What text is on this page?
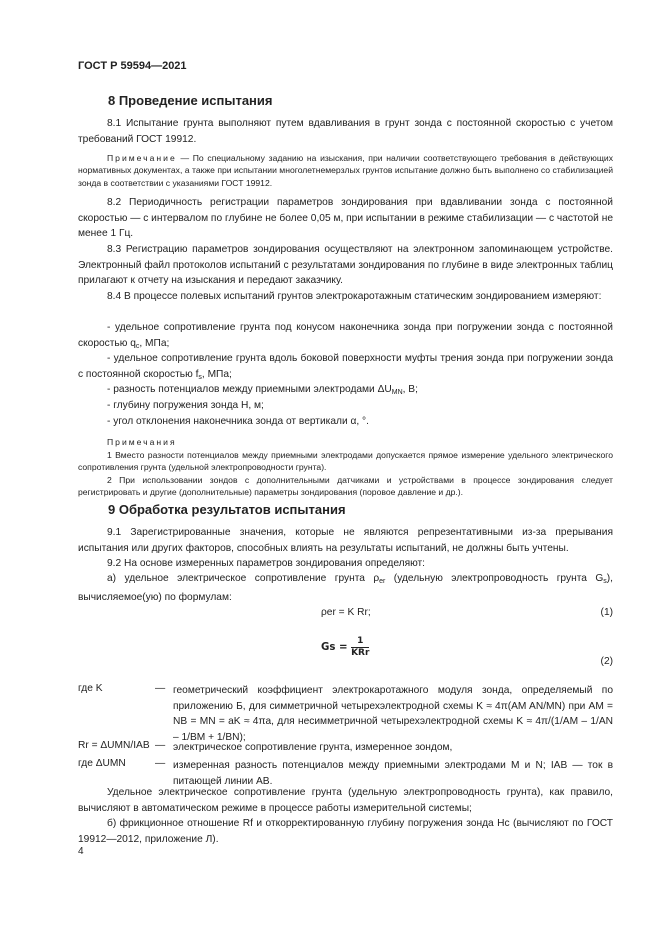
ГОСТ Р 59594—2021
8 Проведение испытания
8.1 Испытание грунта выполняют путем вдавливания в грунт зонда с постоянной скоростью с учетом требований ГОСТ 19912.
Примечание — По специальному заданию на изыскания, при наличии соответствующего требования в действующих нормативных документах, а также при испытании многолетнемерзлых грунтов испытание должно быть выполнено со стабилизацией зонда в соответствии с указаниями ГОСТ 19912.
8.2 Периодичность регистрации параметров зондирования при вдавливании зонда с постоянной скоростью — с интервалом по глубине не более 0,05 м, при испытании в режиме стабилизации — с частотой не менее 1 Гц.
8.3 Регистрацию параметров зондирования осуществляют на электронном запоминающем устройстве. Электронный файл протоколов испытаний с результатами зондирования по глубине в виде электронных таблиц прилагают к отчету на изыскания и передают заказчику.
8.4 В процессе полевых испытаний грунтов электрокаротажным статическим зондированием измеряют:
- удельное сопротивление грунта под конусом наконечника зонда при погружении зонда с постоянной скоростью $q_c$, МПа;
- удельное сопротивление грунта вдоль боковой поверхности муфты трения зонда при погружении зонда с постоянной скоростью $f_s$, МПа;
- разность потенциалов между приемными электродами $\Delta U_{MN}$, В;
- глубину погружения зонда H, м;
- угол отклонения наконечника зонда от вертикали α, °.
Примечания
1 Вместо разности потенциалов между приемными электродами допускается прямое измерение удельного электрического сопротивления грунта (удельной электропроводности грунта).
2 При использовании зондов с дополнительными датчиками и устройствами в процессе зондирования следует регистрировать и другие (дополнительные) параметры зондирования (поровое давление и др.).
9 Обработка результатов испытания
9.1 Зарегистрированные значения, которые не являются репрезентативными из-за прерывания испытания или других факторов, способных влиять на результаты испытаний, не должны быть учтены.
9.2 На основе измеренных параметров зондирования определяют:
а) удельное электрическое сопротивление грунта $\rho_{er}$ (удельную электропроводность грунта $G_s$), вычисляемое(ую) по формулам:
ρer = K Rr;	(1)
$Gs = \frac{1}{\text{KRr}}$
(2)
где K	— геометрический коэффициент электрокаротажного модуля зонда, определяемый по приложению Б, для симметричной четырехэлектродной схемы K ≈ 4π(AM AN/MN) при AM = NB = MN = aK ≈ 4πa, для несимметричной четырехэлектродной схемы K ≈ 4π/(1/AM – 1/AN – 1/BM + 1/BN);
Rr = ΔUMN/IAB — электрическое сопротивление грунта, измеренное зондом,
где ΔUMN	— измеренная разность потенциалов между приемными электродами M и N; IAB — ток в питающей линии AB.
Удельное электрическое сопротивление грунта (удельную электропроводность грунта), как правило, вычисляют в автоматическом режиме в процессе работы измерительной системы;
б) фрикционное отношение Rf и откорректированную глубину погружения зонда Hc (вычисляют по ГОСТ 19912—2012, приложение Л).
4
